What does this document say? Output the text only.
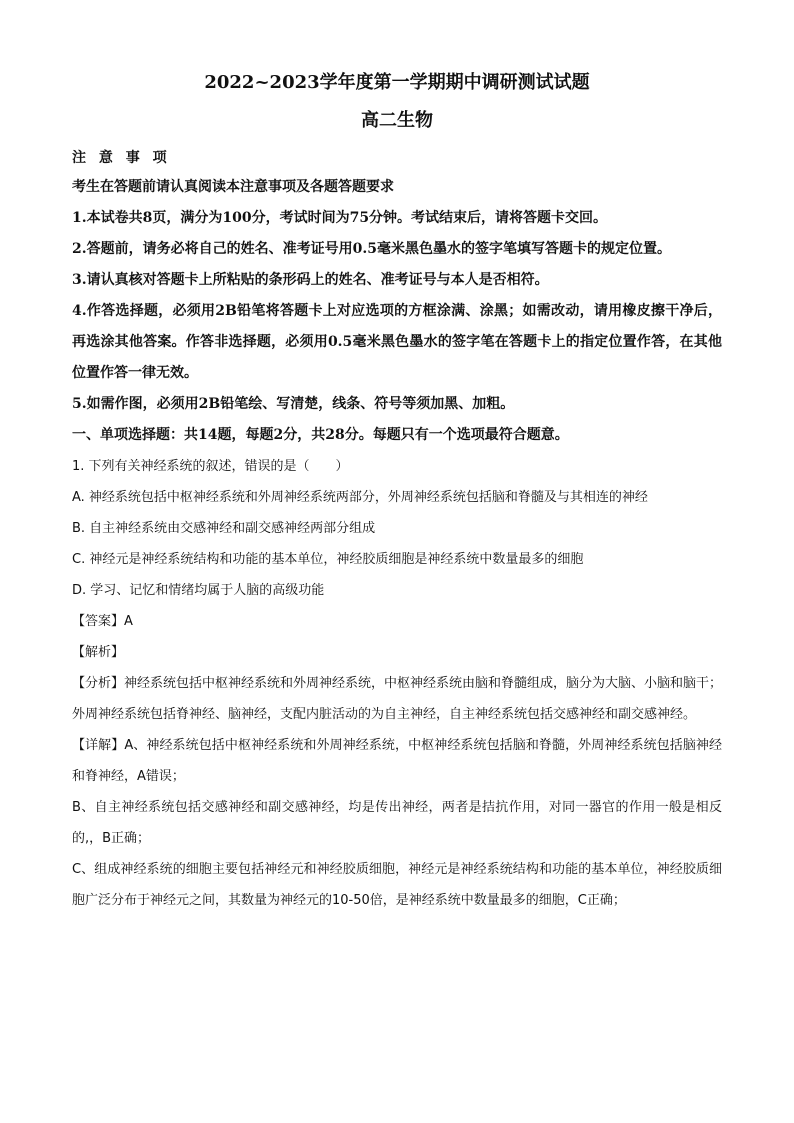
2022~2023学年度第一学期期中调研测试试题
高二生物

注 意 事 项

考生在答题前请认真阅读本注意事项及各题答题要求

1.本试卷共8页，满分为100分，考试时间为75分钟。考试结束后，请将答题卡交回。

2.答题前，请务必将自己的姓名、准考证号用0.5毫米黑色墨水的签字笔填写答题卡的规定位置。

3.请认真核对答题卡上所粘贴的条形码上的姓名、准考证号与本人是否相符。

4.作答选择题，必须用2B铅笔将答题卡上对应选项的方框涂满、涂黑；如需改动，请用橡皮擦干净后，再选涂其他答案。作答非选择题，必须用0.5毫米黑色墨水的签字笔在答题卡上的指定位置作答，在其他位置作答一律无效。

5.如需作图，必须用2B铅笔绘、写清楚，线条、符号等须加黑、加粗。

一、单项选择题：共14题，每题2分，共28分。每题只有一个选项最符合题意。

1. 下列有关神经系统的叙述，错误的是（　　）

A. 神经系统包括中枢神经系统和外周神经系统两部分，外周神经系统包括脑和脊髓及与其相连的神经

B. 自主神经系统由交感神经和副交感神经两部分组成

C. 神经元是神经系统结构和功能的基本单位，神经胶质细胞是神经系统中数量最多的细胞

D. 学习、记忆和情绪均属于人脑的高级功能

【答案】A

【解析】

【分析】神经系统包括中枢神经系统和外周神经系统，中枢神经系统由脑和脊髓组成，脑分为大脑、小脑和脑干；外周神经系统包括脊神经、脑神经，支配内脏活动的为自主神经，自主神经系统包括交感神经和副交感神经。

【详解】A、神经系统包括中枢神经系统和外周神经系统，中枢神经系统包括脑和脊髓，外周神经系统包括脑神经和脊神经，A错误；

B、自主神经系统包括交感神经和副交感神经，均是传出神经，两者是拮抗作用，对同一器官的作用一般是相反的,，B正确；

C、组成神经系统的细胞主要包括神经元和神经胶质细胞，神经元是神经系统结构和功能的基本单位，神经胶质细胞广泛分布于神经元之间，其数量为神经元的10-50倍，是神经系统中数量最多的细胞，C正确；
